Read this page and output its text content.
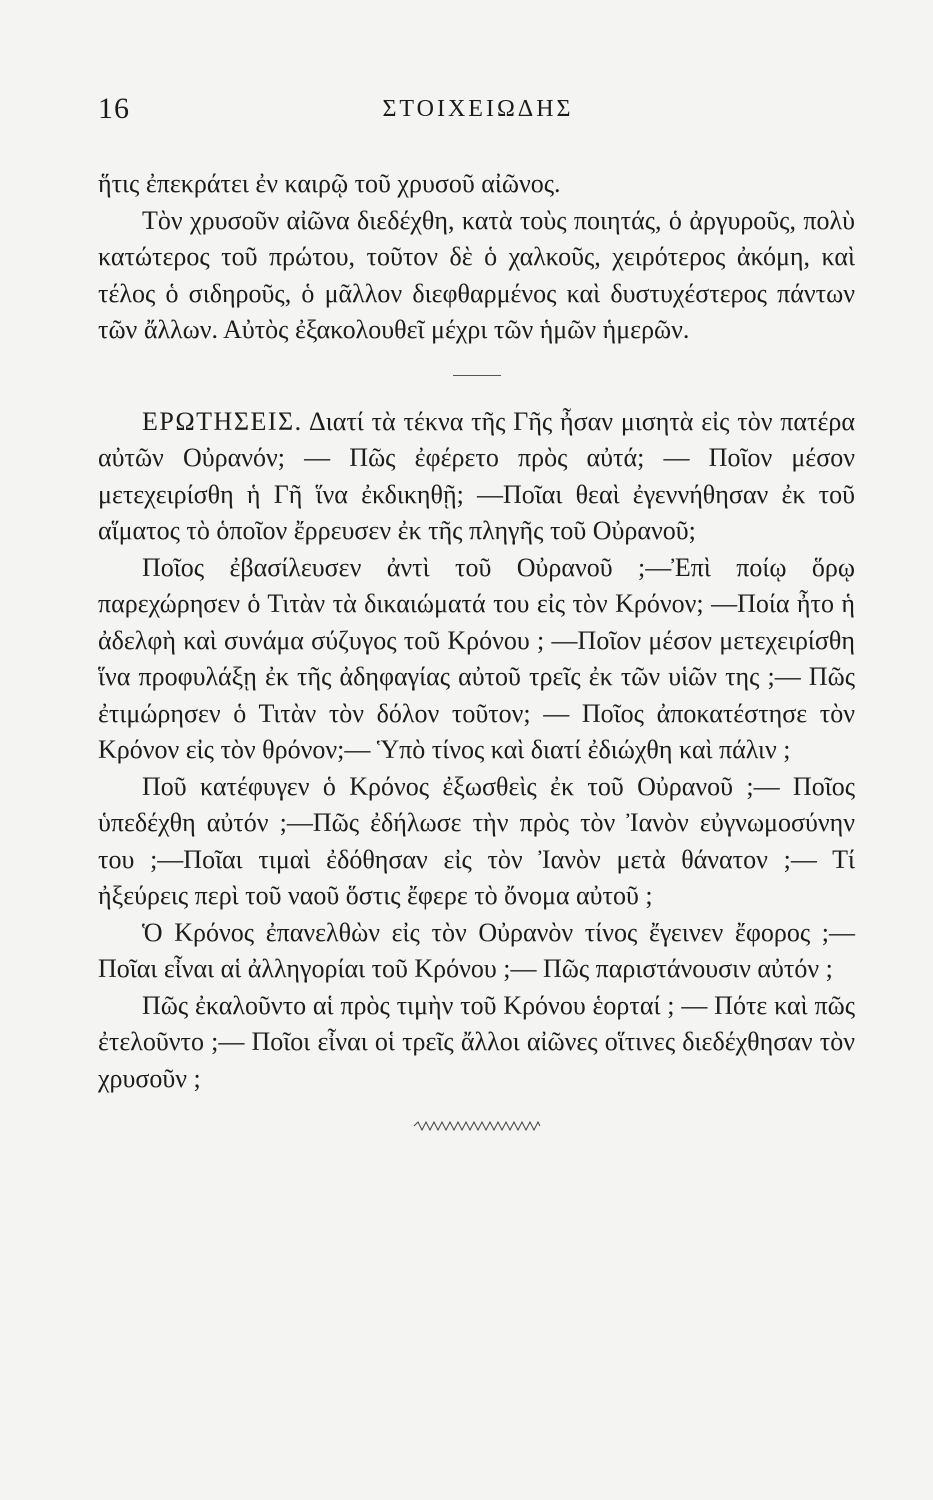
16	ΣΤΟΙΧΕΙΩΔΗΣ

ἥτις ἐπεκράτει ἐν καιρῷ τοῦ χρυσοῦ αἰῶνος.

Τὸν χρυσοῦν αἰῶνα διεδέχθη, κατὰ τοὺς ποιητάς, ὁ ἀργυροῦς, πολὺ κατώτερος τοῦ πρώτου, τοῦτον δὲ ὁ χαλκοῦς, χειρότερος ἀκόμη, καὶ τέλος ὁ σιδηροῦς, ὁ μᾶλλον διεφθαρμένος καὶ δυστυχέστερος πάντων τῶν ἄλλων. Αὐτὸς ἐξακολουθεῖ μέχρι τῶν ἡμῶν ἡμερῶν.

ΕΡΩΤΗΣΕΙΣ. Διατί τὰ τέκνα τῆς Γῆς ἦσαν μισητὰ εἰς τὸν πατέρα αὐτῶν Οὐρανόν; — Πῶς ἐφέρετο πρὸς αὐτά; — Ποῖον μέσον μετεχειρίσθη ἡ Γῆ ἵνα ἐκδικηθῇ; —Ποῖαι θεαὶ ἐγεννήθησαν ἐκ τοῦ αἵματος τὸ ὁποῖον ἔρρευσεν ἐκ τῆς πληγῆς τοῦ Οὐρανοῦ;

Ποῖος ἐβασίλευσεν ἀντὶ τοῦ Οὐρανοῦ ;—Ἐπὶ ποίῳ ὅρῳ παρεχώρησεν ὁ Τιτὰν τὰ δικαιώματά του εἰς τὸν Κρόνον; —Ποία ἦτο ἡ ἀδελφὴ καὶ συνάμα σύζυγος τοῦ Κρόνου ; —Ποῖον μέσον μετεχειρίσθη ἵνα προφυλάξῃ ἐκ τῆς ἀδηφαγίας αὐτοῦ τρεῖς ἐκ τῶν υἱῶν της ;— Πῶς ἐτιμώρησεν ὁ Τιτὰν τὸν δόλον τοῦτον; — Ποῖος ἀποκατέστησε τὸν Κρόνον εἰς τὸν θρόνον;— Ὑπὸ τίνος καὶ διατί ἐδιώχθη καὶ πάλιν ;

Ποῦ κατέφυγεν ὁ Κρόνος ἐξωσθεὶς ἐκ τοῦ Οὐρανοῦ ;— Ποῖος ὑπεδέχθη αὐτόν ;—Πῶς ἐδήλωσε τὴν πρὸς τὸν Ἰανὸν εὐγνωμοσύνην του ;—Ποῖαι τιμαὶ ἐδόθησαν εἰς τὸν Ἰανὸν μετὰ θάνατον ;— Τί ἠξεύρεις περὶ τοῦ ναοῦ ὅστις ἔφερε τὸ ὄνομα αὐτοῦ ;

Ὁ Κρόνος ἐπανελθὼν εἰς τὸν Οὐρανὸν τίνος ἔγεινεν ἔφορος ;—Ποῖαι εἶναι αἱ ἀλληγορίαι τοῦ Κρόνου ;— Πῶς παριστάνουσιν αὐτόν ;

Πῶς ἐκαλοῦντο αἱ πρὸς τιμὴν τοῦ Κρόνου ἑορταί ; — Πότε καὶ πῶς ἐτελοῦντο ;— Ποῖοι εἶναι οἱ τρεῖς ἄλλοι αἰῶνες οἵτινες διεδέχθησαν τὸν χρυσοῦν ;
